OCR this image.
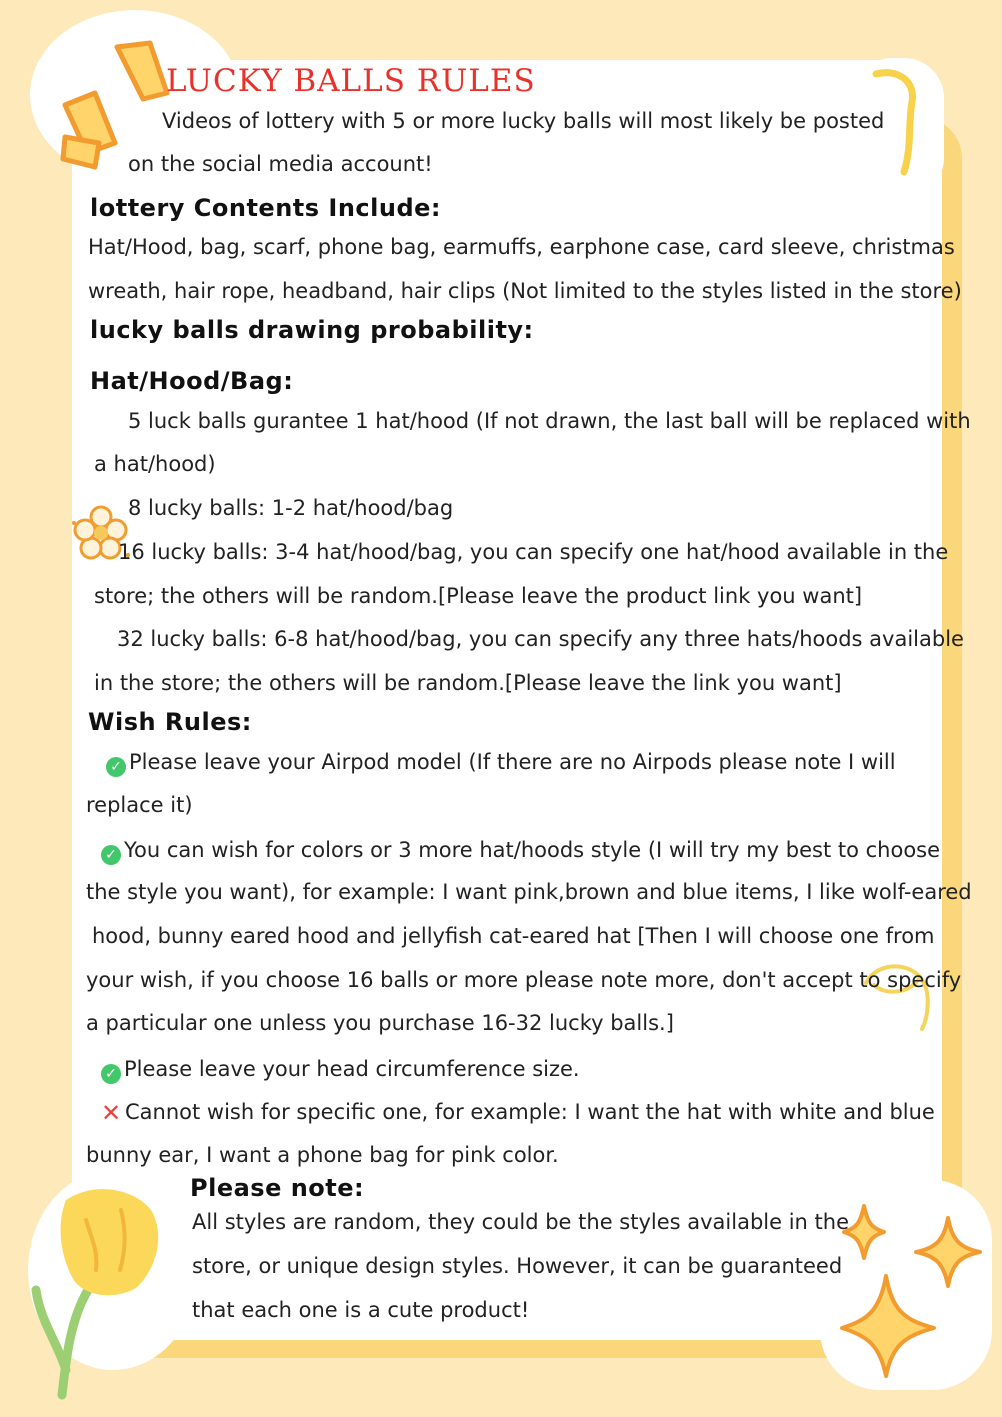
LUCKY BALLS RULES
Videos of lottery with 5 or more lucky balls will most likely be posted
on the social media account!
lottery Contents Include:
Hat/Hood, bag, scarf, phone bag, earmuffs, earphone case, card sleeve, christmas
wreath, hair rope, headband, hair clips (Not limited to the styles listed in the store)
lucky balls drawing probability:
Hat/Hood/Bag:
5 luck balls gurantee 1 hat/hood (If not drawn, the last ball will be replaced with
a hat/hood)
8 lucky balls: 1-2 hat/hood/bag
16 lucky balls: 3-4 hat/hood/bag, you can specify one hat/hood available in the
store; the others will be random.[Please leave the product link you want]
32 lucky balls: 6-8 hat/hood/bag, you can specify any three hats/hoods available
in the store; the others will be random.[Please leave the link you want]
Wish Rules:
✓ Please leave your Airpod model (If there are no Airpods please note I will
replace it)
✓ You can wish for colors or 3 more hat/hoods style (I will try my best to choose
the style you want), for example: I want pink,brown and blue items, I like wolf-eared
hood, bunny eared hood and jellyfish cat-eared hat [Then I will choose one from
your wish, if you choose 16 balls or more please note more, don't accept to specify
a particular one unless you purchase 16-32 lucky balls.]
✓ Please leave your head circumference size.
✕ Cannot wish for specific one, for example: I want the hat with white and blue
bunny ear, I want a phone bag for pink color.
Please note:
All styles are random, they could be the styles available in the
store, or unique design styles. However, it can be guaranteed
that each one is a cute product!
